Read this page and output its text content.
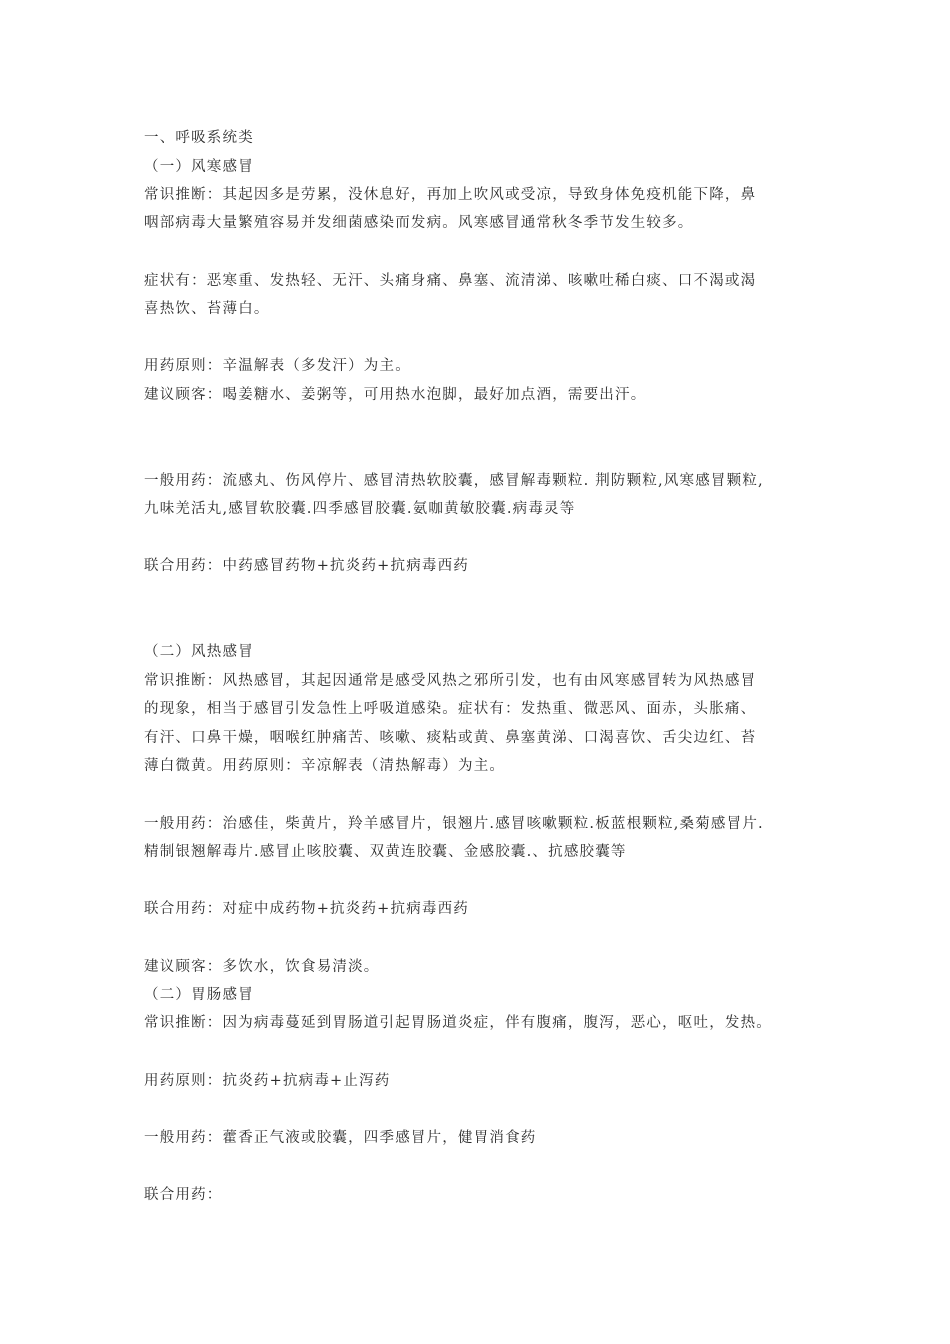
一、呼吸系统类
（一）风寒感冒
常识推断：其起因多是劳累，没休息好，再加上吹风或受凉，导致身体免疫机能下降，鼻
咽部病毒大量繁殖容易并发细菌感染而发病。风寒感冒通常秋冬季节发生较多。
症状有：恶寒重、发热轻、无汗、头痛身痛、鼻塞、流清涕、咳嗽吐稀白痰、口不渴或渴
喜热饮、苔薄白。
用药原则：辛温解表（多发汗）为主。
建议顾客：喝姜糖水、姜粥等，可用热水泡脚，最好加点酒，需要出汗。
一般用药：流感丸、伤风停片、感冒清热软胶囊，感冒解毒颗粒. 荆防颗粒,风寒感冒颗粒,
九味羌活丸,感冒软胶囊.四季感冒胶囊.氨咖黄敏胶囊.病毒灵等
联合用药：中药感冒药物+抗炎药+抗病毒西药
（二）风热感冒
常识推断：风热感冒，其起因通常是感受风热之邪所引发，也有由风寒感冒转为风热感冒
的现象，相当于感冒引发急性上呼吸道感染。症状有：发热重、微恶风、面赤，头胀痛、
有汗、口鼻干燥，咽喉红肿痛苦、咳嗽、痰粘或黄、鼻塞黄涕、口渴喜饮、舌尖边红、苔
薄白微黄。用药原则：辛凉解表（清热解毒）为主。
一般用药：治感佳，柴黄片，羚羊感冒片，银翘片.感冒咳嗽颗粒.板蓝根颗粒,桑菊感冒片.
精制银翘解毒片.感冒止咳胶囊、双黄连胶囊、金感胶囊.、抗感胶囊等
联合用药：对症中成药物+抗炎药+抗病毒西药
建议顾客：多饮水，饮食易清淡。
（二）胃肠感冒
常识推断：因为病毒蔓延到胃肠道引起胃肠道炎症，伴有腹痛，腹泻，恶心，呕吐，发热。
用药原则：抗炎药+抗病毒+止泻药
一般用药：藿香正气液或胶囊，四季感冒片，健胃消食药
联合用药：
